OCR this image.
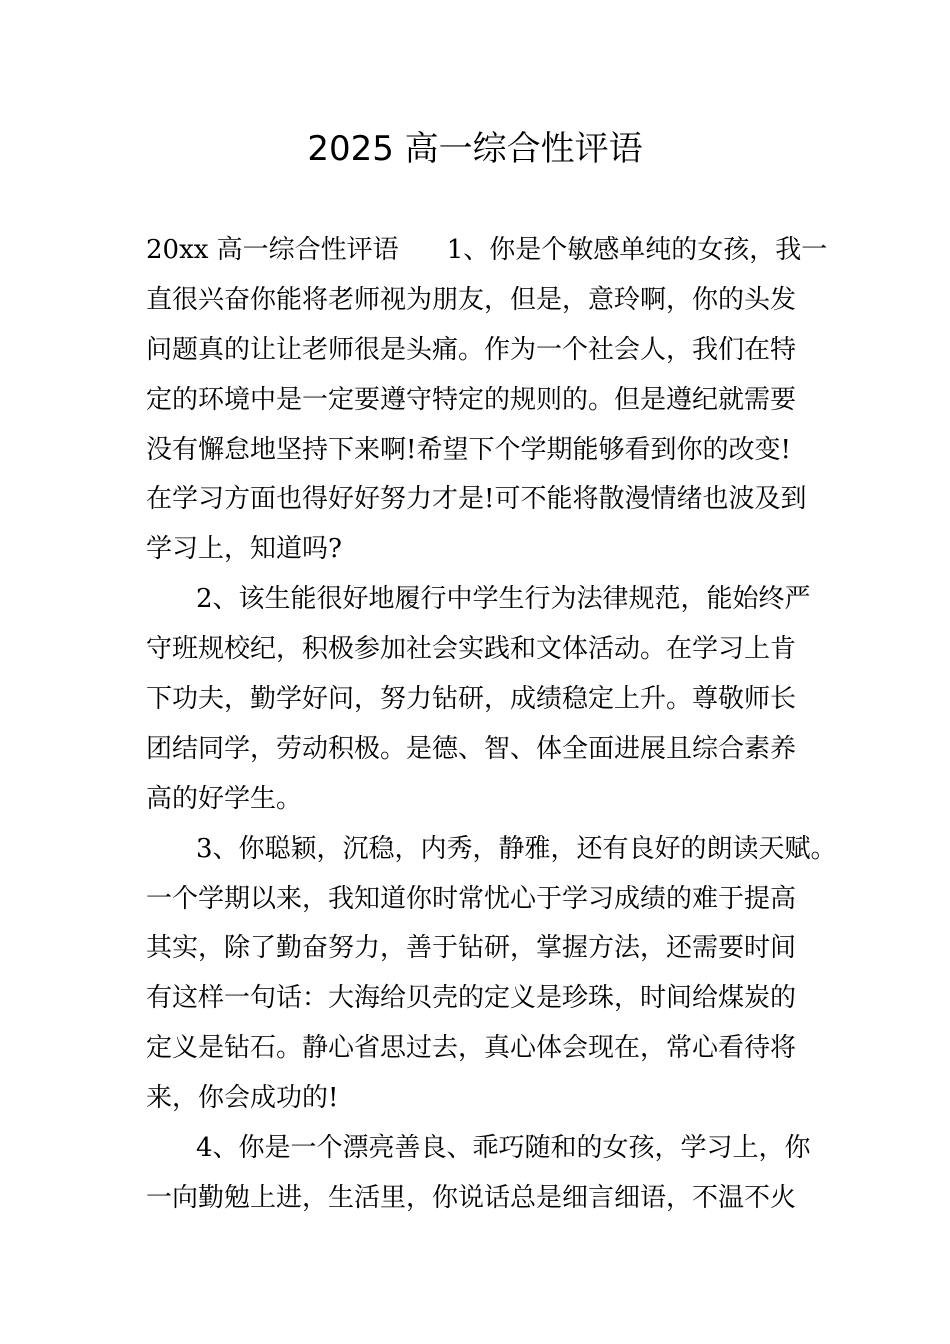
2025 高一综合性评语
20xx 高一综合性评语 1、你是个敏感单纯的女孩，我一
直很兴奋你能将老师视为朋友，但是，意玲啊，你的头发
问题真的让让老师很是头痛。作为一个社会人，我们在特
定的环境中是一定要遵守特定的规则的。但是遵纪就需要
没有懈怠地坚持下来啊!希望下个学期能够看到你的改变!
在学习方面也得好好努力才是!可不能将散漫情绪也波及到
学习上，知道吗?
2、该生能很好地履行中学生行为法律规范，能始终严
守班规校纪，积极参加社会实践和文体活动。在学习上肯
下功夫，勤学好问，努力钻研，成绩稳定上升。尊敬师长
团结同学，劳动积极。是德、智、体全面进展且综合素养
高的好学生。
3、你聪颖，沉稳，内秀，静雅，还有良好的朗读天赋。
一个学期以来，我知道你时常忧心于学习成绩的难于提高
其实，除了勤奋努力，善于钻研，掌握方法，还需要时间
有这样一句话：大海给贝壳的定义是珍珠，时间给煤炭的
定义是钻石。静心省思过去，真心体会现在，常心看待将
来，你会成功的!
4、你是一个漂亮善良、乖巧随和的女孩，学习上，你
一向勤勉上进，生活里，你说话总是细言细语，不温不火
